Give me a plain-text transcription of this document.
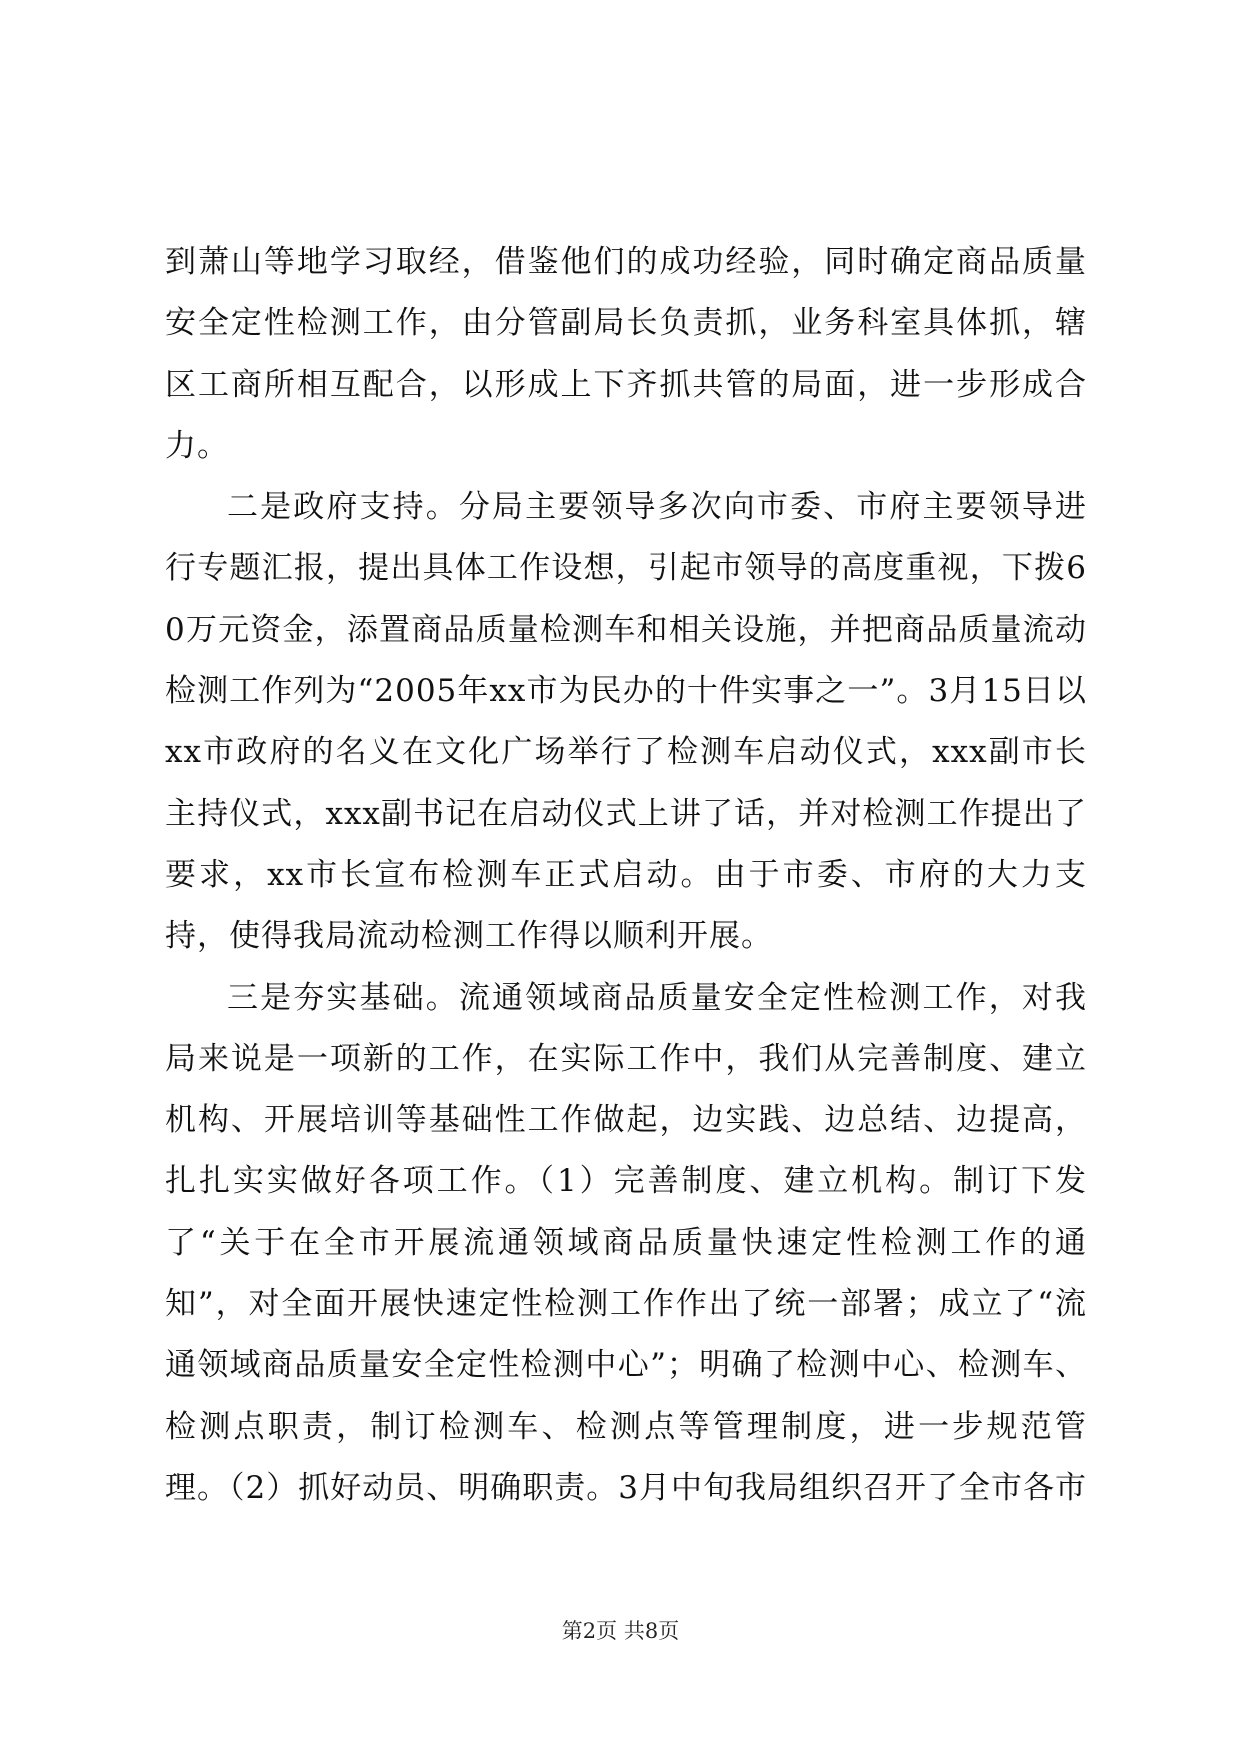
到萧山等地学习取经，借鉴他们的成功经验，同时确定商品质量安全定性检测工作，由分管副局长负责抓，业务科室具体抓，辖区工商所相互配合，以形成上下齐抓共管的局面，进一步形成合力。

二是政府支持。分局主要领导多次向市委、市府主要领导进行专题汇报，提出具体工作设想，引起市领导的高度重视，下拨60万元资金，添置商品质量检测车和相关设施，并把商品质量流动检测工作列为“2005年xx市为民办的十件实事之一”。3月15日以xx市政府的名义在文化广场举行了检测车启动仪式，xxx副市长主持仪式，xxx副书记在启动仪式上讲了话，并对检测工作提出了要求，xx市长宣布检测车正式启动。由于市委、市府的大力支持，使得我局流动检测工作得以顺利开展。

三是夯实基础。流通领域商品质量安全定性检测工作，对我局来说是一项新的工作，在实际工作中，我们从完善制度、建立机构、开展培训等基础性工作做起，边实践、边总结、边提高，扎扎实实做好各项工作。（1）完善制度、建立机构。制订下发了“关于在全市开展流通领域商品质量快速定性检测工作的通知”，对全面开展快速定性检测工作作出了统一部署；成立了“流通领域商品质量安全定性检测中心”；明确了检测中心、检测车、检测点职责，制订检测车、检测点等管理制度，进一步规范管理。（2）抓好动员、明确职责。3月中旬我局组织召开了全市各市

第2页 共8页
